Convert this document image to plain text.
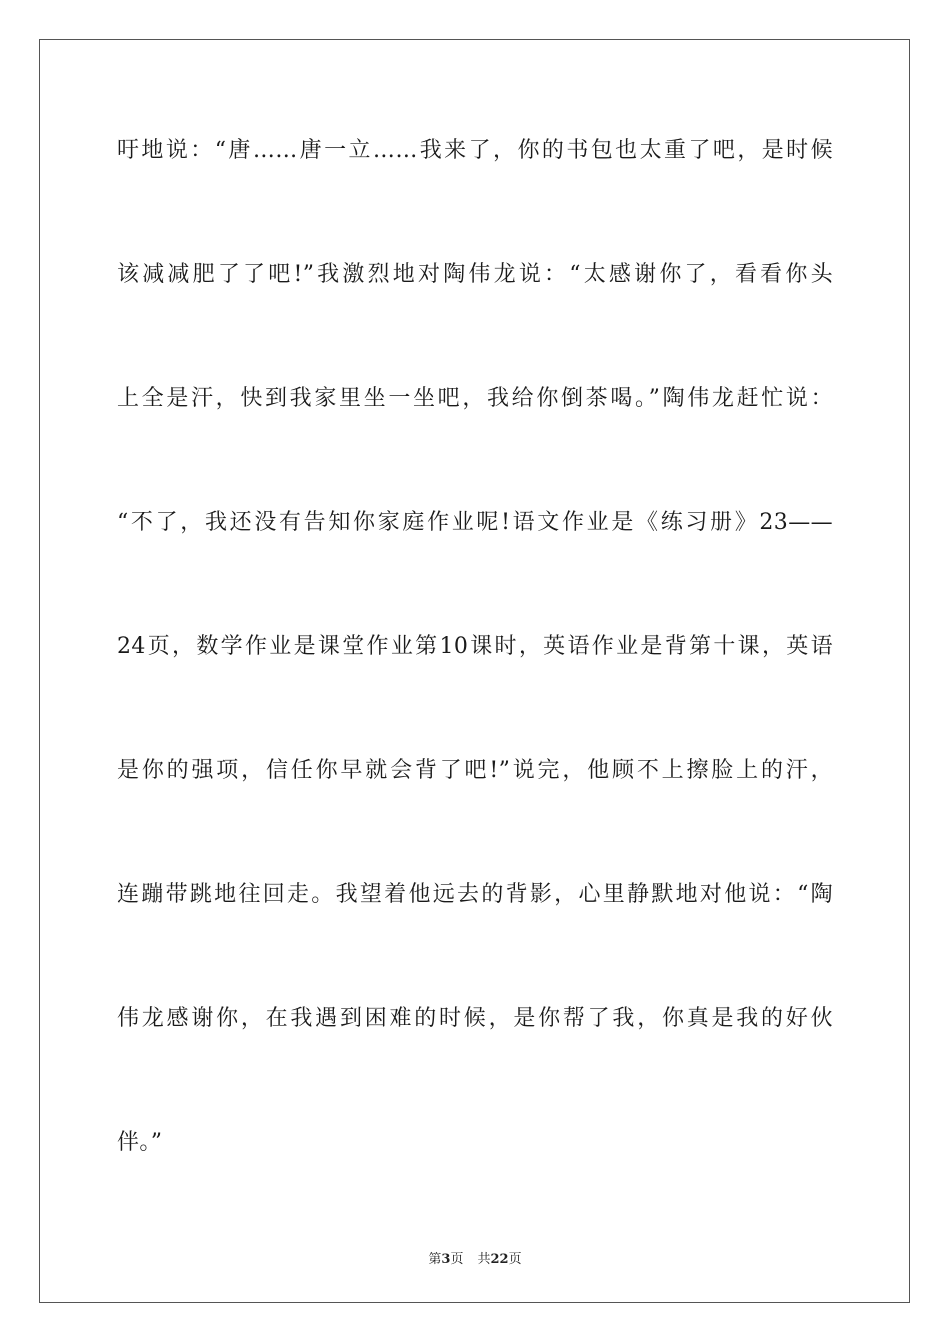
吁地说：“唐……唐一立……我来了，你的书包也太重了吧，是时候
该减减肥了了吧!”我激烈地对陶伟龙说：“太感谢你了，看看你头
上全是汗，快到我家里坐一坐吧，我给你倒茶喝。”陶伟龙赶忙说：
“不了，我还没有告知你家庭作业呢!语文作业是《练习册》23——
24页，数学作业是课堂作业第10课时，英语作业是背第十课，英语
是你的强项，信任你早就会背了吧!”说完，他顾不上擦脸上的汗，
连蹦带跳地往回走。我望着他远去的背影，心里静默地对他说：“陶
伟龙感谢你，在我遇到困难的时候，是你帮了我，你真是我的好伙
伴。”
第3页 共22页
